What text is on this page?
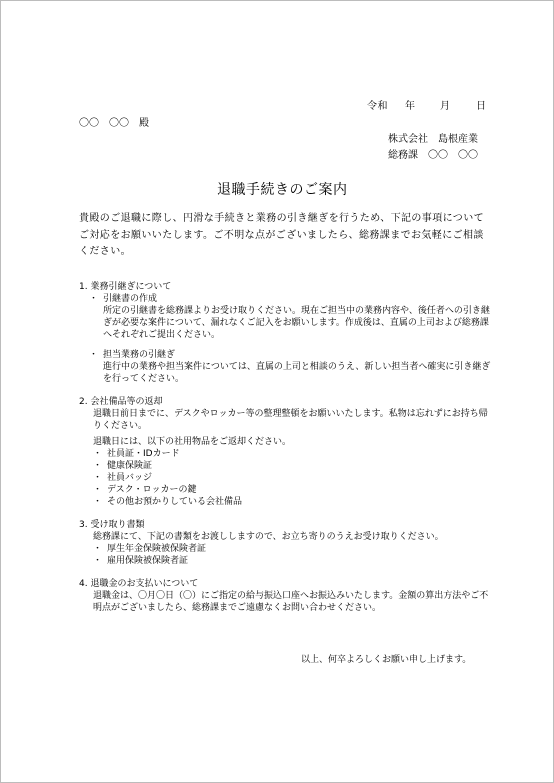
令和 年 月	日

〇〇　〇〇　殿

株式会社　島根産業

総務課　〇〇　〇〇

退職手続きのご案内

貴殿のご退職に際し、円滑な手続きと業務の引き継ぎを行うため、下記の事項についてご対応をお願いいたします。ご不明な点がございましたら、総務課までお気軽にご相談ください。

1. 業務引継ぎについて

・ 引継書の作成

所定の引継書を総務課よりお受け取りください。現在ご担当中の業務内容や、後任者への引き継ぎが必要な案件について、漏れなくご記入をお願いします。作成後は、直属の上司および総務課へそれぞれご提出ください。

・ 担当業務の引継ぎ

進行中の業務や担当案件については、直属の上司と相談のうえ、新しい担当者へ確実に引き継ぎを行ってください。

2. 会社備品等の返却

退職日前日までに、デスクやロッカー等の整理整頓をお願いいたします。私物は忘れずにお持ち帰りください。

退職日には、以下の社用物品をご返却ください。

・ 社員証・IDカード
・ 健康保険証
・ 社員バッジ
・ デスク・ロッカーの鍵
・ その他お預かりしている会社備品

3. 受け取り書類

総務課にて、下記の書類をお渡ししますので、お立ち寄りのうえお受け取りください。

・ 厚生年金保険被保険者証
・ 雇用保険被保険者証

4. 退職金のお支払いについて

退職金は、〇月〇日（〇）にご指定の給与振込口座へお振込みいたします。金額の算出方法やご不明点がございましたら、総務課までご遠慮なくお問い合わせください。

以上、何卒よろしくお願い申し上げます。
